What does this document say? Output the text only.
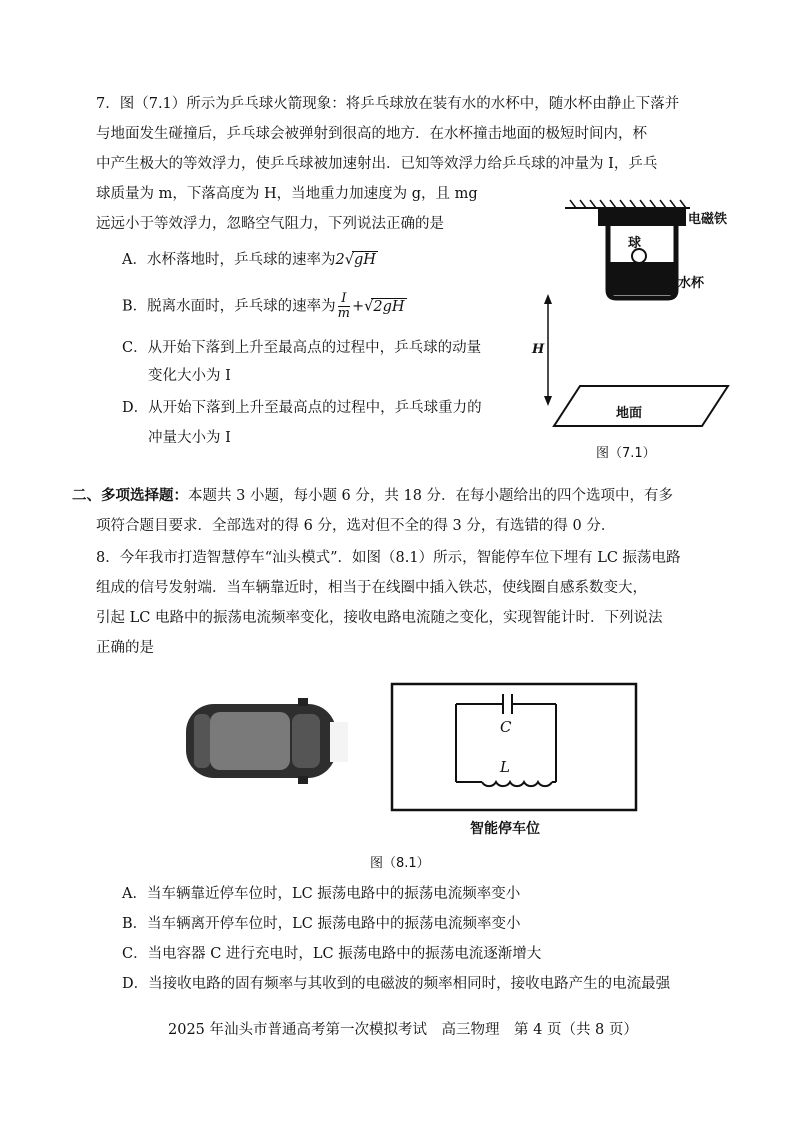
7．图（7.1）所示为乒乓球火箭现象：将乒乓球放在装有水的水杯中，随水杯由静止下落并
与地面发生碰撞后，乒乓球会被弹射到很高的地方．在水杯撞击地面的极短时间内，杯
中产生极大的等效浮力，使乒乓球被加速射出．已知等效浮力给乒乓球的冲量为 I，乒乓
球质量为 m，下落高度为 H，当地重力加速度为 g，且 mg
远远小于等效浮力，忽略空气阻力，下列说法正确的是
A．水杯落地时，乒乓球的速率为2√gH
B．脱离水面时，乒乓球的速率为 $\frac{I}{m} +√2gH$
C．从开始下落到上升至最高点的过程中，乒乓球的动量
变化大小为 I
D．从开始下落到上升至最高点的过程中，乒乓球重力的
冲量大小为 I
电磁铁
球
水杯
H
地面
图（7.1）
二、多项选择题：本题共 3 小题，每小题 6 分，共 18 分．在每小题给出的四个选项中，有多
项符合题目要求．全部选对的得 6 分，选对但不全的得 3 分，有选错的得 0 分．
8．今年我市打造智慧停车“汕头模式”．如图（8.1）所示，智能停车位下埋有 LC 振荡电路
组成的信号发射端．当车辆靠近时，相当于在线圈中插入铁芯，使线圈自感系数变大，
引起 LC 电路中的振荡电流频率变化，接收电路电流随之变化，实现智能计时．下列说法
正确的是
C
L
智能停车位
图（8.1）
A．当车辆靠近停车位时，LC 振荡电路中的振荡电流频率变小
B．当车辆离开停车位时，LC 振荡电路中的振荡电流频率变小
C．当电容器 C 进行充电时，LC 振荡电路中的振荡电流逐渐增大
D．当接收电路的固有频率与其收到的电磁波的频率相同时，接收电路产生的电流最强
2025 年汕头市普通高考第一次模拟考试　高三物理　第 4 页（共 8 页）
